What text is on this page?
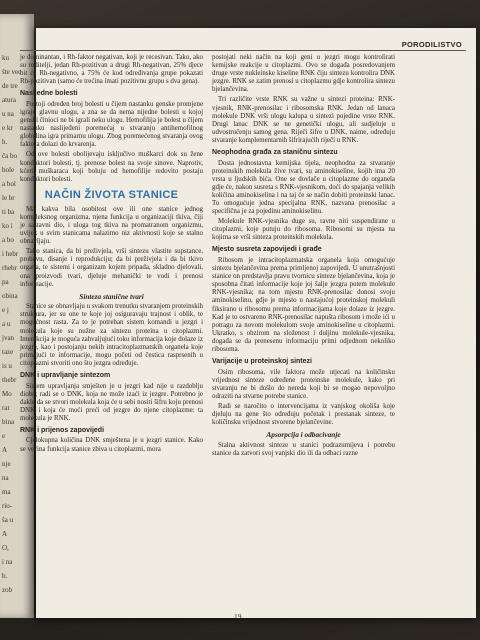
ku
šte vec
de tre
atura
u na
e kr
h.
ča bo
bole
a bol
le br
ti ba
ko i
a bo
i hebr
rhebr
pa
obina
e j
a u
jvan
taze
is u
thebr
Mo
rat
bina
e
A
nje
na
ma
rio-
ša u
A
O,
i na
b.
zob
PORODILISTVO

je dominantan, i Rh-faktor negativan, koji je recesivan. Tako, ako su roditelji, jedan Rh-pozitivan a drugi Rh-negativan, 25% djece bit će Rh-negativno, a 75% će kod određivanja grupe pokazati Rh-pozitivan (samo će trećina imati pozitivnu grupu s dva gena).

Nasljedne bolesti

Postoji određen broj bolesti u čijem nastanku genske promjene igraju glavnu ulogu, a zna se da nema nijedne bolesti u kojoj genski činioci ne bi igrali neku ulogu. Hemofilija je bolest u čijem nastanku naslijeđeni poremećaj u stvaranju antihemofilnog globulina igra primarnu ulogu. Zbog poremećenog stvaranja ovog faktora dolazi do krvarenja.

Od ove bolesti obolijevaju isključivo muškarci dok su žene konduktori bolesti, tj. prenose bolest na svoje sinove. Naprotiv, kćeri muškaraca koji boluju od hemofilije redovito postaju konduktori bolesti.

NAČIN ŽIVOTA STANICE

Ma kakva bila osobitost ove ili one stanice jednog kompleksnog organizma, njena funkcija u organizaciji tkiva, čiji je sastavni dio, i uloga tog tkiva na promatranom organizmu, uvijek u svim stanicama nalazimo niz aktivnosti koje se stalno obnavljaju.

Tako stanica, da bi preživjela, vrši sintezu vlastite supstance, probavu, disanje i reprodukciju; da bi preživjela i da bi tkivo organa, te sistemi i organizam kojem pripada, skladno djelovali, ona proizvodi tvari, djeluje mehanički te vodi i prenosi informacije.

Sinteza stanične tvari

Stanice se obnavljaju u svakom trenutku stvaranjem proteinskih struktura, jer su one te koje joj osiguravaju trajnost i oblik, te mogućnost rasta. Za to je potreban sistem komandi u jezgri i molekula koje su nužne za sintezu proteina u citoplazmi. Interakcija je moguća zahvaljujući toku informacija koje dolaze iz jezgre, kao i postojanju nekih intracitoplazmatskih organela koje primajući te informacije, mogu početi od čestica rasprsenih u citoplazmi stvoriti ono što jezgra određuje.

DNK i upravljanje sintezom

Sistem upravljanja smješten je u jezgri kad nije u razdoblju diobe; radi se o DNK, koja ne može izaći iz jezgre. Potrebno je dakle da se stvori molekula koja će u sebi nositi šifru koju prenosi DNK i koja će moći preći od jezgre do njene citoplazme: ta molekula je RNK.

RNK i prijenos zapovijedi

Cjelokupna količina DNK smještena je u jezgri stanice. Kako se većina funkcija stanice zbiva u citoplazmi, mora

postojati neki način na koji geni u jezgri mogu kontrolirati kemijske reakcije u citoplazmi. Ovo se događa posredovanjem druge vrste nukleinske kiseline RNK čiju sintezu kontrolira DNK jezgre. RNK se zatim prenosi u citoplazmu gdje kontrolira sintezu bjelančevina.

Tri različite vrste RNK su važne u sintezi proteina: RNK-vjesnik, RNK-prenosilac i ribosomska RNK. Jedan od lanaca molekule DNK vrši ulogu kalupa u sintezi pojedine vrste RNK. Drugi lanac DNK se ne genetički ulogu, ali sudjeluje u udvostručenju samog gena. Riječi šifre u DNK, naime, određuju stvaranje komplementarnih šifrirajućih riječi u RNK.

Neophodna građa za staničnu sintezu

Dosta jednostavna kemijska tijela, neophodna za stvaranje proteinskih molekula živе tvari, su aminokiseline, kojih ima 20 vrsta u ljudskih bića. One se dovlače u citoplazme do organela gdje će, nakon susreta s RNK-vjesnikom, doći do spajanja velikih količina aminokiselina i na taj će se način dobiti proteinski lanac. To omogućuje jedna specijalna RNK, nazvana prenosilac a specifična je za pojedinu aminokiselinu.

Molekule RNK-vjesnika duge su, ravne niti suspendirane u citoplazmi, koje putuju do ribosoma. Ribosomi su mjesta na kojima se vrši sinteza proteinskih molekula.

Mjesto susreta zapovijedi i građe

Ribosom je intracitoplazmatska organela koja omogućuje sintezu bjelančevina prema primljenoj zapovijedi. U unutrašnjosti stanice on predstavlja pravu tvornicu sinteze bjelančevina, koja je sposobna čitati informacije koje joj šalje jezgra putem molekule RNK-vjesnika; na tom mjestu RNK-prenosilac donosi svoju aminokiselinu, gdje je mjesto u nastajućoj proteinskoj molekuli fiksirano u ribosomu prema informacijama koje dolaze iz jezgre. Kad je to ostvareno RNK-prenosilac napušta ribosom i može ići u potragu za novom molekulom svoje aminokiseline u citoplazmi. Ukratko, s obzirom na složenost i duljinu molekule-vjesnika, događa se da prenesenu informaciju primi odjednom nekoliko ribosoma.

Varijacije u proteinskoj sintezi

Osim ribosoma, vile faktora može utjecati na količinsku vrijednost sinteze određene proteinske molekule, kako pri stvaranju ne bi došlo do nereda koji bi se mogao nepovoljno odraziti na stvarne potrebe stanice.

Radi se naročito o intervencijama iz vanjskog okoliša koje djeluju na gene što određuju početak i prestanak sinteze, te količinsku vrijednost stvorene bjelančevine.

Apsorpcija i odbacivanje

Stalna aktivnost sinteze u stanici podrazumijeva i potrebu stanice da zatvori svoj vanjski dio ili da odbaci razne

19
